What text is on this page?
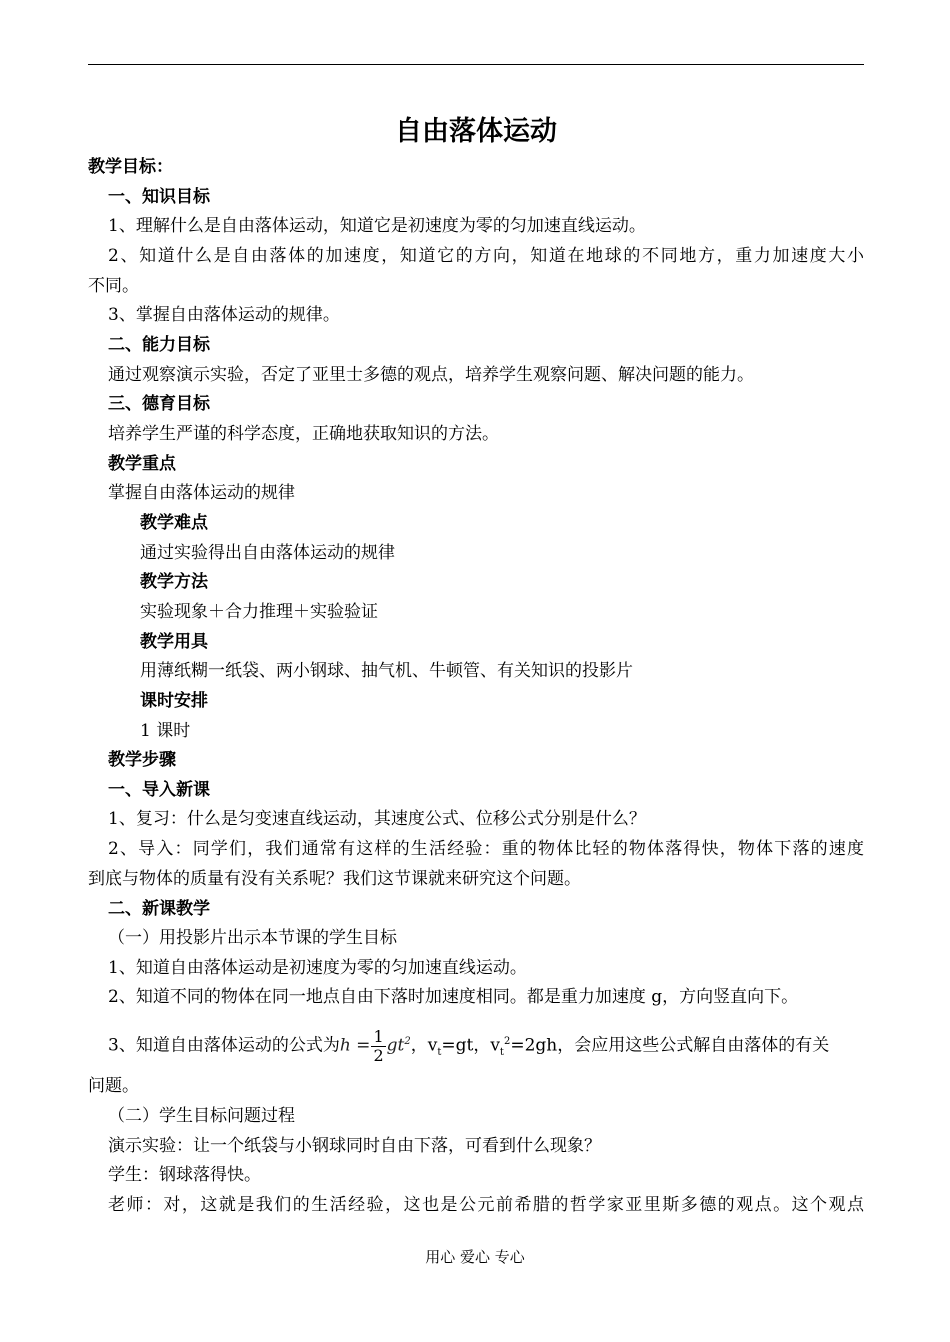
自由落体运动
教学目标：
一、知识目标
1、理解什么是自由落体运动，知道它是初速度为零的匀加速直线运动。
2、知道什么是自由落体的加速度，知道它的方向，知道在地球的不同地方，重力加速度大小
不同。
3、掌握自由落体运动的规律。
二、能力目标
通过观察演示实验，否定了亚里士多德的观点，培养学生观察问题、解决问题的能力。
三、德育目标
培养学生严谨的科学态度，正确地获取知识的方法。
教学重点
掌握自由落体运动的规律
教学难点
通过实验得出自由落体运动的规律
教学方法
实验现象＋合力推理＋实验验证
教学用具
用薄纸糊一纸袋、两小钢球、抽气机、牛顿管、有关知识的投影片
课时安排
1 课时
教学步骤
一、导入新课
1、复习：什么是匀变速直线运动，其速度公式、位移公式分别是什么？
2、导入：同学们，我们通常有这样的生活经验：重的物体比轻的物体落得快，物体下落的速度
到底与物体的质量有没有关系呢？我们这节课就来研究这个问题。
二、新课教学
（一）用投影片出示本节课的学生目标
1、知道自由落体运动是初速度为零的匀加速直线运动。
2、知道不同的物体在同一地点自由下落时加速度相同。都是重力加速度 g，方向竖直向下。
3、知道自由落体运动的公式为$h = \frac{1}{2} gt^2$，$v_t=gt$，$v_t^2=2gh$，会应用这些公式解自由落体的有关
问题。
（二）学生目标问题过程
演示实验：让一个纸袋与小钢球同时自由下落，可看到什么现象？
学生：钢球落得快。
老师：对，这就是我们的生活经验，这也是公元前希腊的哲学家亚里斯多德的观点。这个观点
用心 爱心 专心
